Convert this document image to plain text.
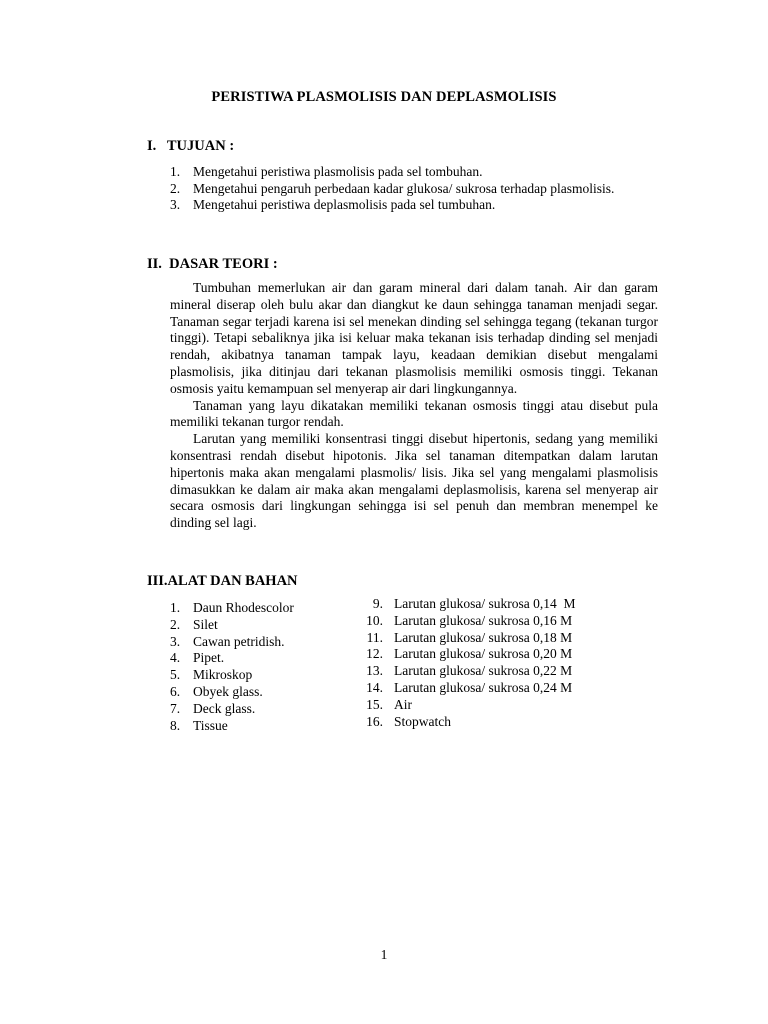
PERISTIWA PLASMOLISIS DAN DEPLASMOLISIS
I.   TUJUAN :
1. Mengetahui peristiwa plasmolisis pada sel tombuhan.
2. Mengetahui pengaruh perbedaan kadar glukosa/ sukrosa terhadap plasmolisis.
3. Mengetahui peristiwa deplasmolisis pada sel tumbuhan.
II.  DASAR TEORI :

Tumbuhan memerlukan air dan garam mineral dari dalam tanah. Air dan garam mineral diserap oleh bulu akar dan diangkut ke daun sehingga tanaman menjadi segar. Tanaman segar terjadi karena isi sel menekan dinding sel sehingga tegang (tekanan turgor tinggi). Tetapi sebaliknya jika isi keluar maka tekanan isis terhadap dinding sel menjadi rendah, akibatnya tanaman tampak layu, keadaan demikian disebut mengalami plasmolisis, jika ditinjau dari tekanan plasmolisis memiliki osmosis tinggi. Tekanan osmosis yaitu kemampuan sel menyerap air dari lingkungannya.

Tanaman yang layu dikatakan memiliki tekanan osmosis tinggi atau disebut pula memiliki tekanan turgor rendah.

Larutan yang memiliki konsentrasi tinggi disebut hipertonis, sedang yang memiliki konsentrasi rendah disebut hipotonis. Jika sel tanaman ditempatkan dalam larutan hipertonis maka akan mengalami plasmolis/ lisis. Jika sel yang mengalami plasmolisis dimasukkan ke dalam air maka akan mengalami deplasmolisis, karena sel menyerap air secara osmosis dari lingkungan sehingga isi sel penuh dan membran menempel ke dinding sel lagi.

III.ALAT DAN BAHAN
1. Daun Rhodescolor
2. Silet
3. Cawan petridish.
4. Pipet.
5. Mikroskop
6. Obyek glass.
7. Deck glass.
8. Tissue
9. Larutan glukosa/ sukrosa 0,14  M
10. Larutan glukosa/ sukrosa 0,16 M
11. Larutan glukosa/ sukrosa 0,18 M
12. Larutan glukosa/ sukrosa 0,20 M
13. Larutan glukosa/ sukrosa 0,22 M
14. Larutan glukosa/ sukrosa 0,24 M
15. Air
16. Stopwatch
1
